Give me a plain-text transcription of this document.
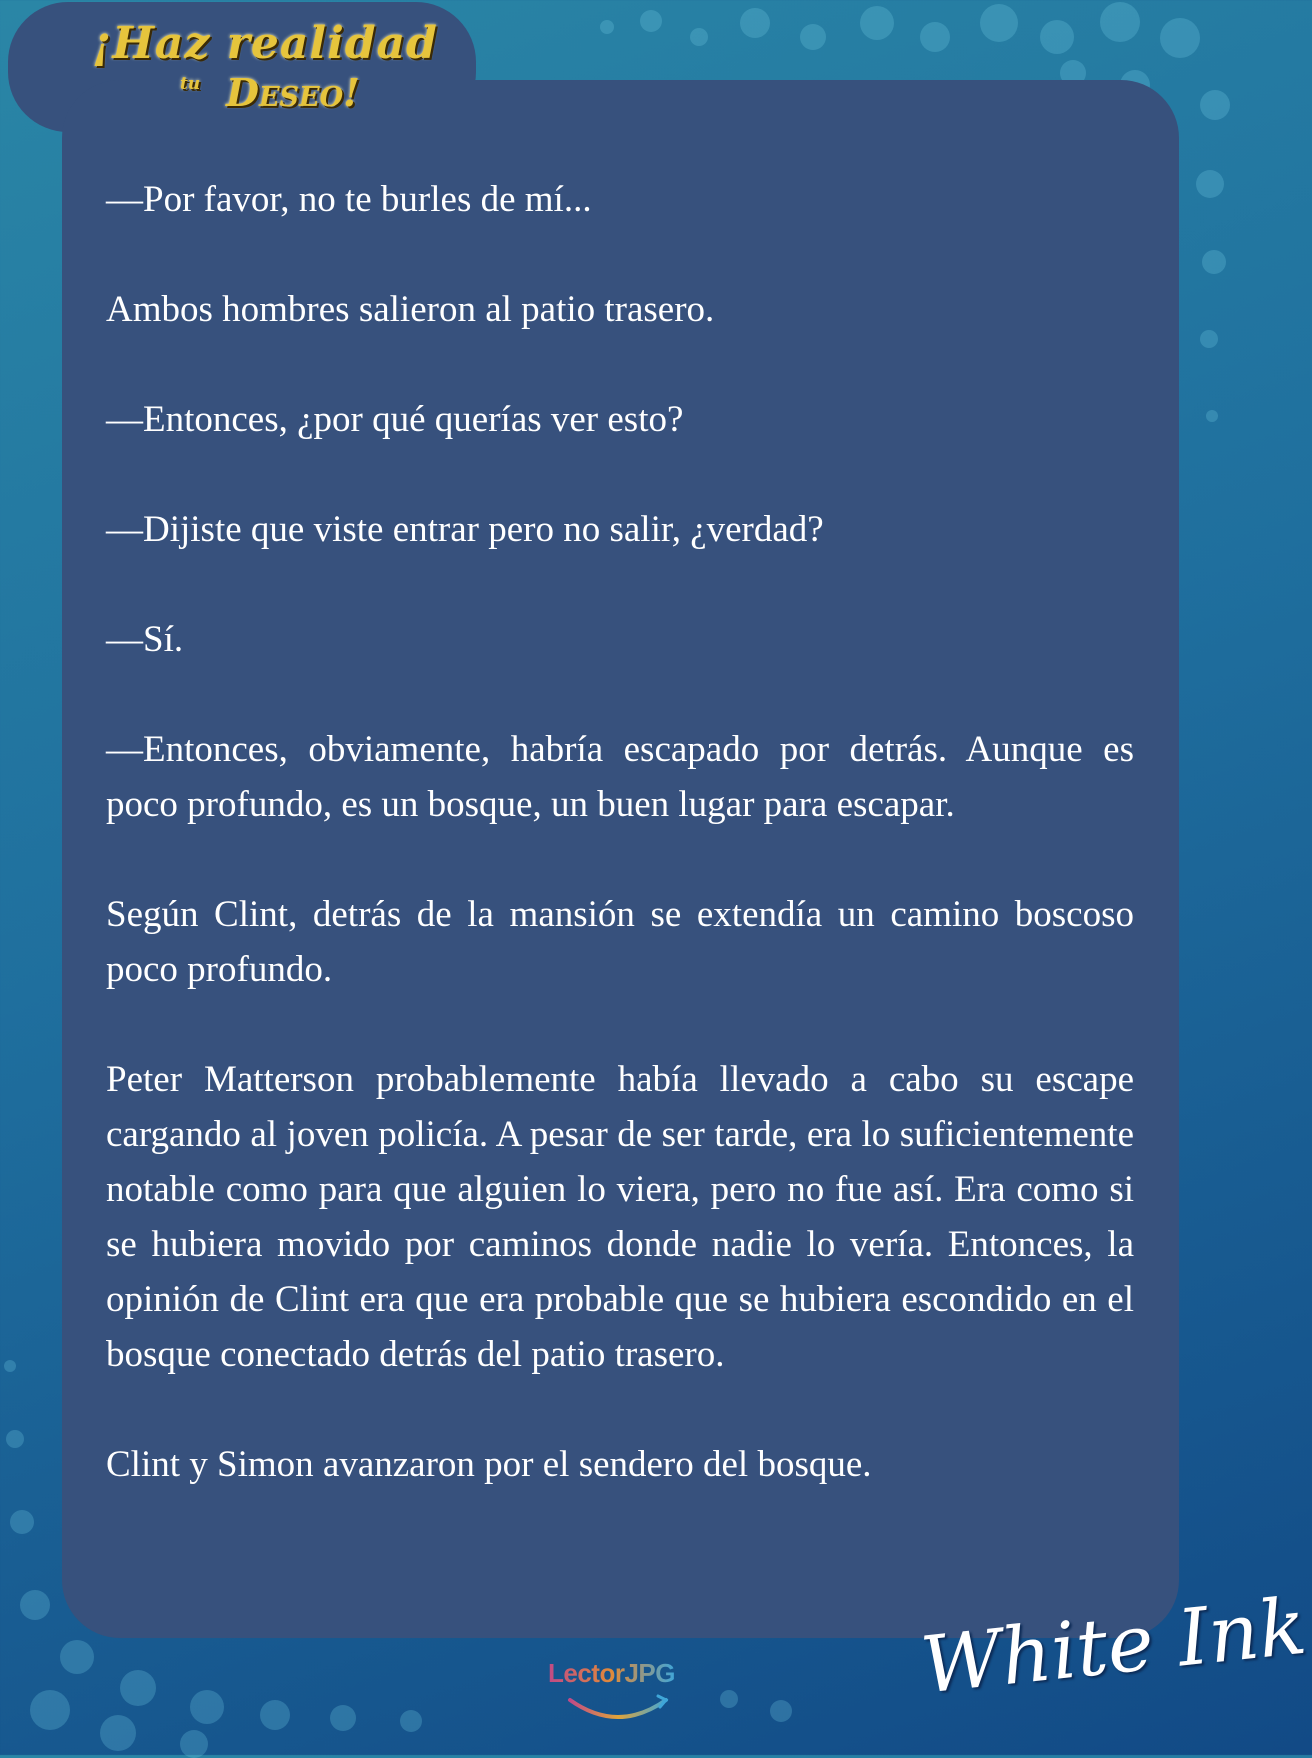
¡Haz realidad
tu Deseo!

—Por favor, no te burles de mí...

Ambos hombres salieron al patio trasero.

—Entonces, ¿por qué querías ver esto?

—Dijiste que viste entrar pero no salir, ¿verdad?

—Sí.

—Entonces, obviamente, habría escapado por detrás. Aunque es poco profundo, es un bosque, un buen lugar para escapar.

Según Clint, detrás de la mansión se extendía un camino boscoso poco profundo.

Peter Matterson probablemente había llevado a cabo su escape cargando al joven policía. A pesar de ser tarde, era lo suficientemente notable como para que alguien lo viera, pero no fue así. Era como si se hubiera movido por caminos donde nadie lo vería. Entonces, la opinión de Clint era que era probable que se hubiera escondido en el bosque conectado detrás del patio trasero.

Clint y Simon avanzaron por el sendero del bosque.

LectorJPG	White Ink
